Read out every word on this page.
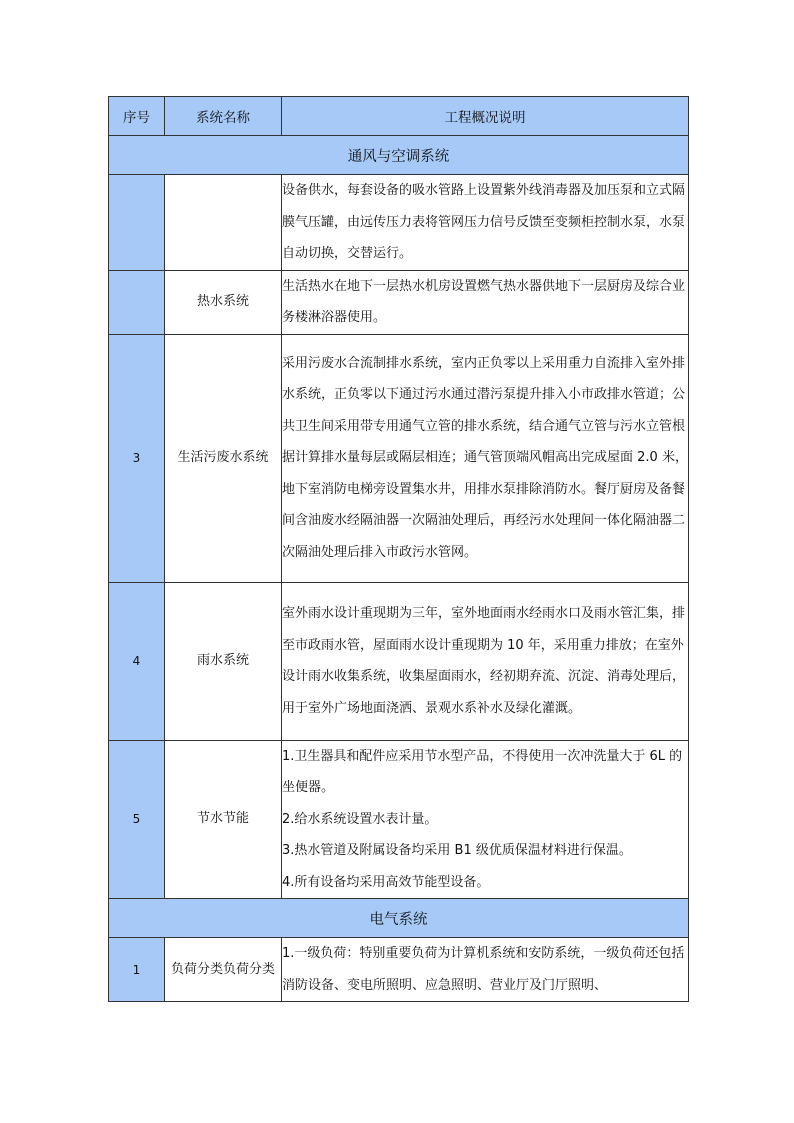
序号	系统名称	工程概况说明
通风与空调系统		
		设备供水，每套设备的吸水管路上设置紫外线消毒器及加压泵和立式隔膜气压罐，由远传压力表将管网压力信号反馈至变频柜控制水泵，水泵自动切换，交替运行。
	热水系统	生活热水在地下一层热水机房设置燃气热水器供地下一层厨房及综合业务楼淋浴器使用。
3	生活污废水系统	采用污废水合流制排水系统，室内正负零以上采用重力自流排入室外排水系统，正负零以下通过污水通过潜污泵提升排入小市政排水管道；公共卫生间采用带专用通气立管的排水系统，结合通气立管与污水立管根据计算排水量每层或隔层相连；通气管顶端风帽高出完成屋面 2.0 米，地下室消防电梯旁设置集水井，用排水泵排除消防水。餐厅厨房及备餐间含油废水经隔油器一次隔油处理后，再经污水处理间一体化隔油器二次隔油处理后排入市政污水管网。
4	雨水系统	室外雨水设计重现期为三年，室外地面雨水经雨水口及雨水管汇集，排至市政雨水管，屋面雨水设计重现期为 10 年，采用重力排放；在室外设计雨水收集系统，收集屋面雨水，经初期弃流、沉淀、消毒处理后，用于室外广场地面浇洒、景观水系补水及绿化灌溉。
5	节水节能	1.卫生器具和配件应采用节水型产品，不得使用一次冲洗量大于 6L 的坐便器。

2.给水系统设置水表计量。

3.热水管道及附属设备均采用 B1 级优质保温材料进行保温。

4.所有设备均采用高效节能型设备。

电气系统		
1	负荷分类负荷分类	1.一级负荷：特别重要负荷为计算机系统和安防系统，一级负荷还包括消防设备、变电所照明、应急照明、营业厅及门厅照明、
